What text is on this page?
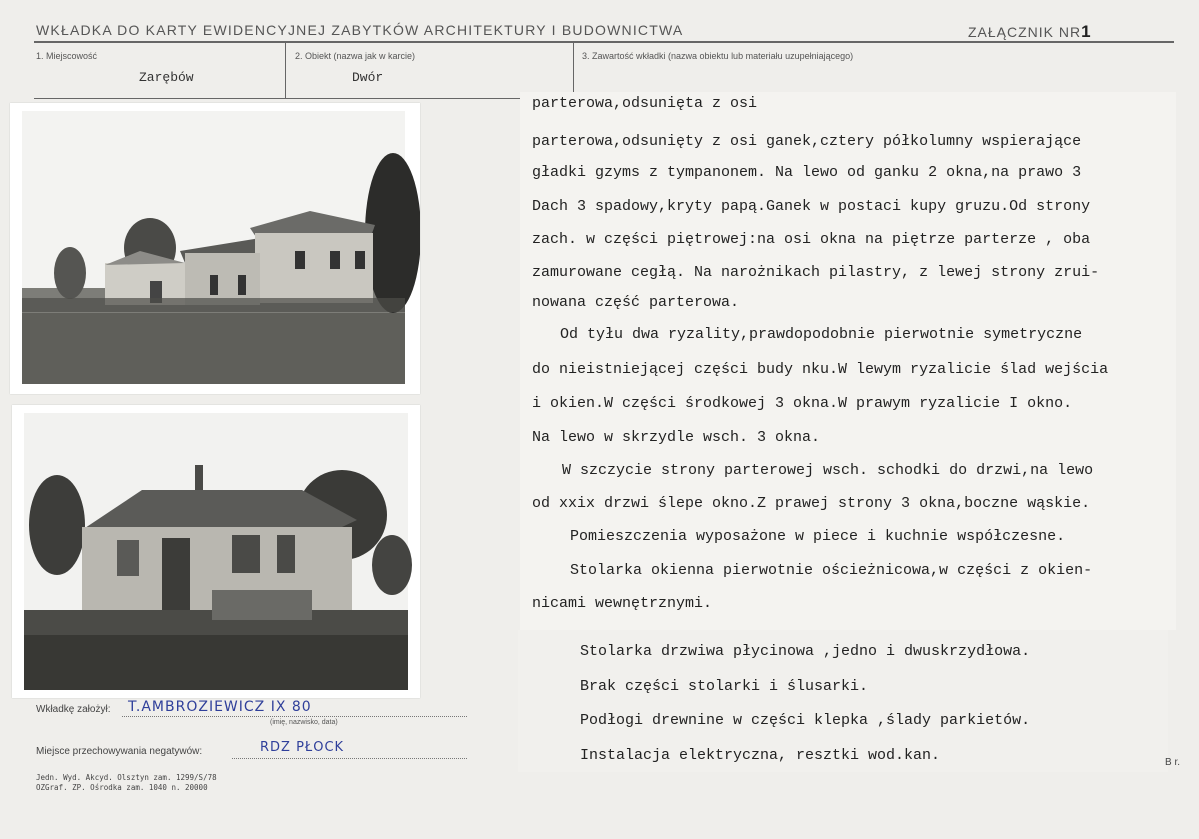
WKŁADKA DO KARTY EWIDENCYJNEJ ZABYTKÓW ARCHITEKTURY I BUDOWNICTWA	ZAŁĄCZNIK NR1
1. Miejscowość
Zarębów
2. Obiekt (nazwa jak w karcie)
Dwór
3. Zawartość wkładki (nazwa obiektu lub materiału uzupełniającego)
parterowa,odsunięta z osi
parterowa,odsunięty z osi ganek,cztery półkolumny wspierające
gładki gzyms z tympanonem. Na lewo od ganku 2 okna,na prawo 3
Dach 3 spadowy,kryty papą.Ganek w postaci kupy gruzu.Od strony
zach. w części piętrowej:na osi okna na piętrze parterze , oba
zamurowane cegłą. Na narożnikach pilastry, z lewej strony zrui-
nowana część parterowa.
Od tyłu dwa ryzality,prawdopodobnie pierwotnie symetryczne
do nieistniejącej części budy nku.W lewym ryzalicie ślad wejścia
i okien.W części środkowej 3 okna.W prawym ryzalicie I okno.
Na lewo w skrzydle wsch. 3 okna.
W szczycie strony parterowej wsch. schodki do drzwi,na lewo
od xxix drzwi ślepe okno.Z prawej strony 3 okna,boczne wąskie.
Pomieszczenia wyposażone w piece i kuchnie współczesne.
Stolarka okienna pierwotnie ościeżnicowa,w części z okien-
nicami wewnętrznymi.
Stolarka drzwiwa płycinowa ,jedno i dwuskrzydłowa.
Brak części stolarki i ślusarki.
Podłogi drewnine w części klepka ,ślady parkietów.
Instalacja elektryczna, resztki wod.kan.
Wkładkę założył: T.AMBROZIEWICZ IX 80
(imię, nazwisko, data)
Miejsce przechowywania negatywów:	RDZ PŁOCK
Jedn. Wyd. Akcyd. Olsztyn zam. 1299/S/78
OZGraf. ZP. Ośrodka zam. 1040 n. 20000
B r.
